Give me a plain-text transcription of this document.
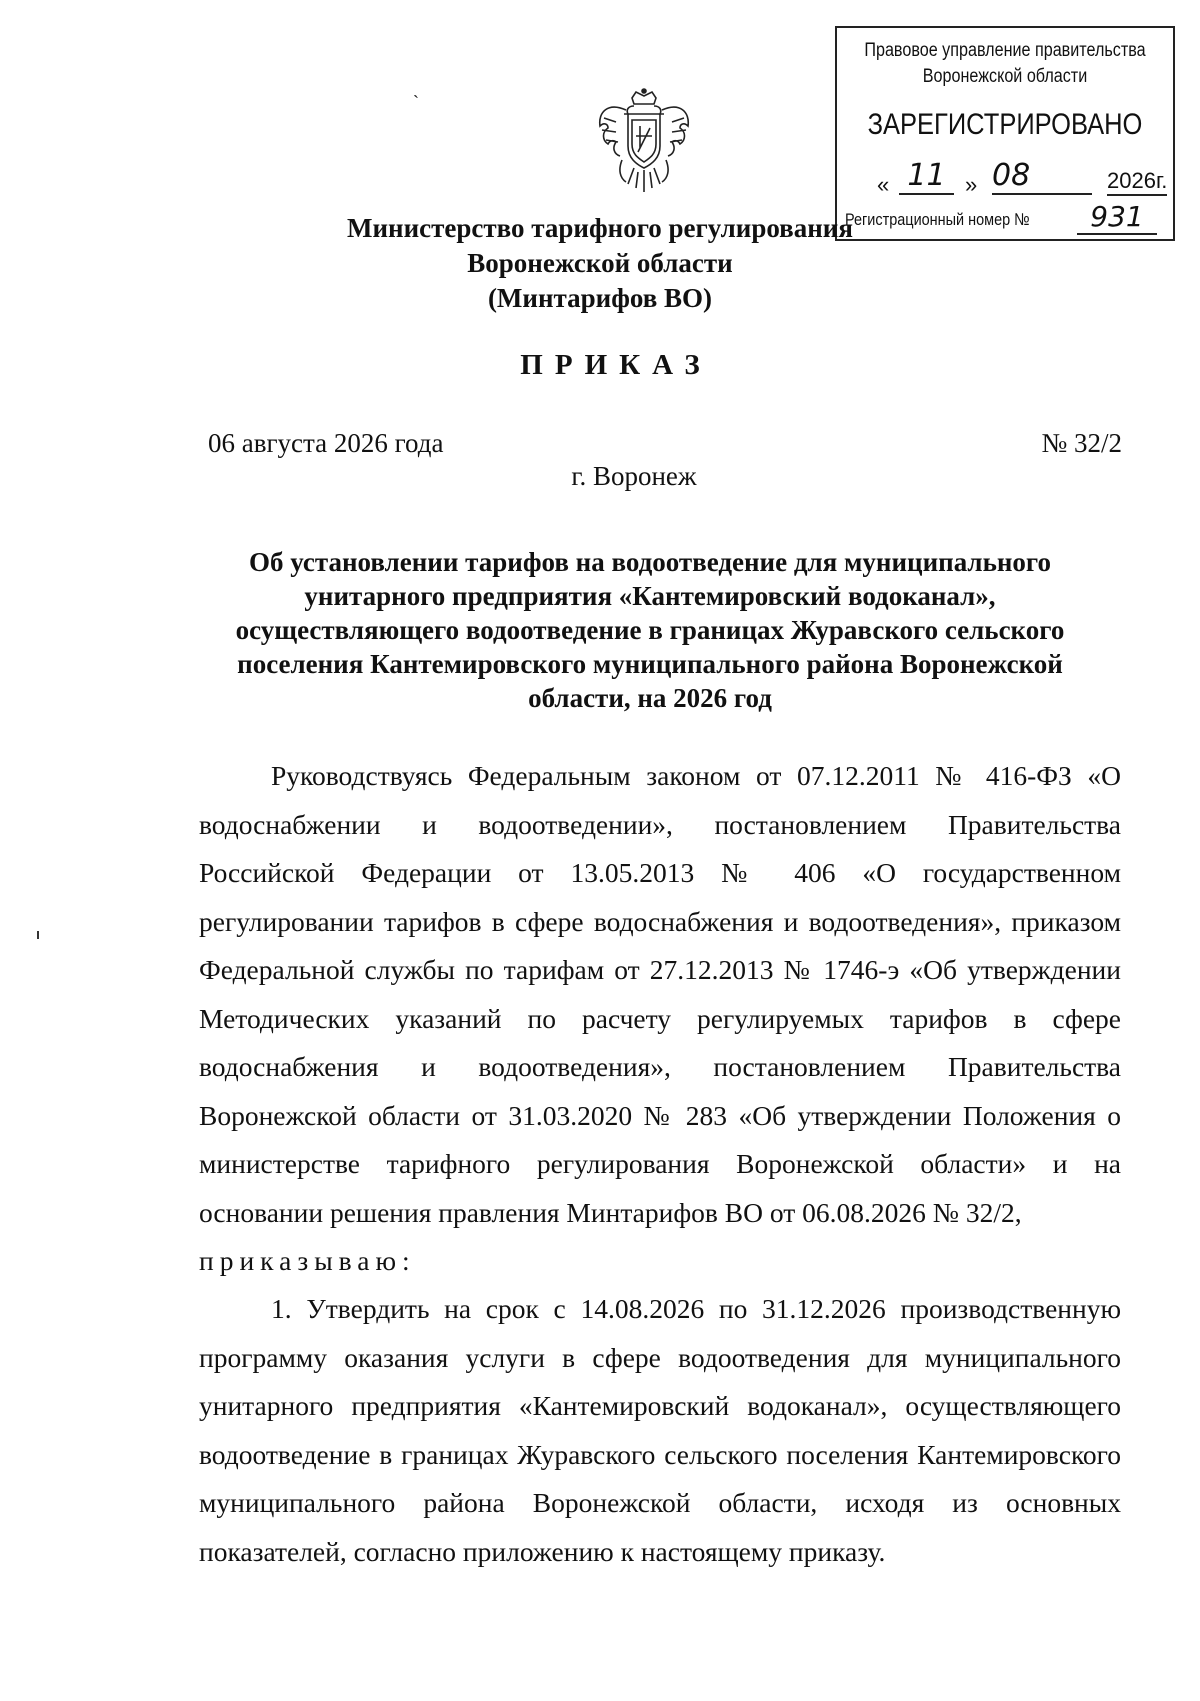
ˎ
Правовое управление правительства
Воронежской области
ЗАРЕГИСТРИРОВАНО
« 11 » 08	2026г.
Регистрационный номер №	931
Министерство тарифного регулирования
Воронежской области
(Минтарифов ВО)
ПРИКАЗ
06 августа 2026 года	№ 32/2
г. Воронеж
Об установлении тарифов на водоотведение для муниципального унитарного предприятия «Кантемировский водоканал», осуществляющего водоотведение в границах Журавского сельского поселения Кантемировского муниципального района Воронежской области, на 2026 год

Руководствуясь Федеральным законом от 07.12.2011 № 416-ФЗ «О водоснабжении и водоотведении», постановлением Правительства Российской Федерации от 13.05.2013 № 406 «О государственном регулировании тарифов в сфере водоснабжения и водоотведения», приказом Федеральной службы по тарифам от 27.12.2013 № 1746-э «Об утверждении Методических указаний по расчету регулируемых тарифов в сфере водоснабжения и водоотведения», постановлением Правительства Воронежской области от 31.03.2020 № 283 «Об утверждении Положения о министерстве тарифного регулирования Воронежской области» и на основании решения правления Минтарифов ВО от 06.08.2026 № 32/2,

приказываю:

1. Утвердить на срок с 14.08.2026 по 31.12.2026 производственную программу оказания услуги в сфере водоотведения для муниципального унитарного предприятия «Кантемировский водоканал», осуществляющего водоотведение в границах Журавского сельского поселения Кантемировского муниципального района Воронежской области, исходя из основных показателей, согласно приложению к настоящему приказу.
